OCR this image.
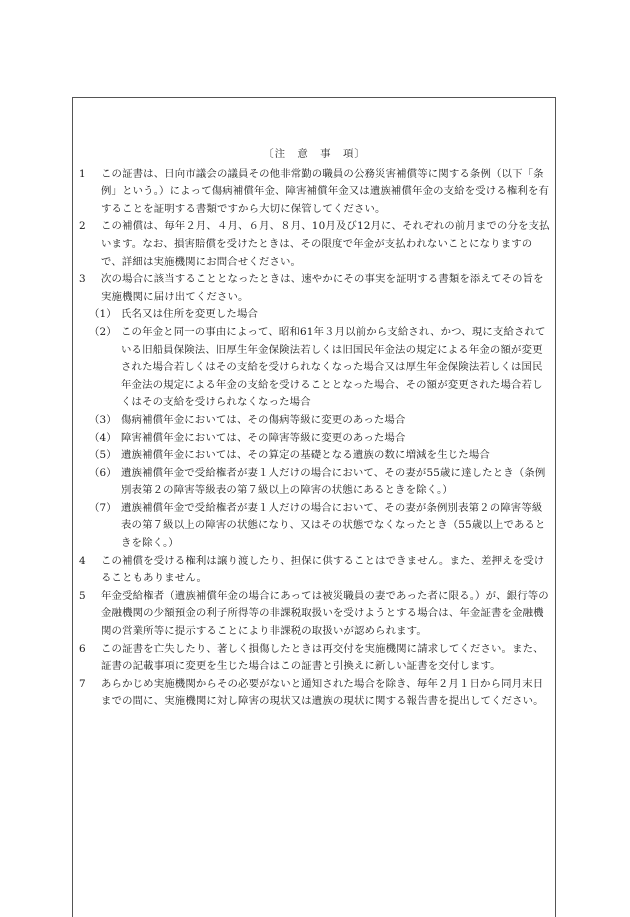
〔注　意　事　項〕
1	この証書は、日向市議会の議員その他非常勤の職員の公務災害補償等に関する条例（以下「条例」という。）によって傷病補償年金、障害補償年金又は遺族補償年金の支給を受ける権利を有することを証明する書類ですから大切に保管してください。
2	この補償は、毎年２月、４月、６月、８月、10月及び12月に、それぞれの前月までの分を支払います。なお、損害賠償を受けたときは、その限度で年金が支払われないことになりますので、詳細は実施機関にお問合せください。
3	次の場合に該当することとなったときは、速やかにその事実を証明する書類を添えてその旨を実施機関に届け出てください。
（1） 氏名又は住所を変更した場合
（2） この年金と同一の事由によって、昭和61年３月以前から支給され、かつ、現に支給されている旧船員保険法、旧厚生年金保険法若しくは旧国民年金法の規定による年金の額が変更された場合若しくはその支給を受けられなくなった場合又は厚生年金保険法若しくは国民年金法の規定による年金の支給を受けることとなった場合、その額が変更された場合若しくはその支給を受けられなくなった場合
（3） 傷病補償年金においては、その傷病等級に変更のあった場合
（4） 障害補償年金においては、その障害等級に変更のあった場合
（5） 遺族補償年金においては、その算定の基礎となる遺族の数に増減を生じた場合
（6） 遺族補償年金で受給権者が妻１人だけの場合において、その妻が55歳に達したとき（条例別表第２の障害等級表の第７級以上の障害の状態にあるときを除く。）
（7） 遺族補償年金で受給権者が妻１人だけの場合において、その妻が条例別表第２の障害等級表の第７級以上の障害の状態になり、又はその状態でなくなったとき（55歳以上であるときを除く。）
4	この補償を受ける権利は譲り渡したり、担保に供することはできません。また、差押えを受けることもありません。
5	年金受給権者（遺族補償年金の場合にあっては被災職員の妻であった者に限る。）が、銀行等の金融機関の少額預金の利子所得等の非課税取扱いを受けようとする場合は、年金証書を金融機関の営業所等に提示することにより非課税の取扱いが認められます。
6	この証書を亡失したり、著しく損傷したときは再交付を実施機関に請求してください。また、証書の記載事項に変更を生じた場合はこの証書と引換えに新しい証書を交付します。
7	あらかじめ実施機関からその必要がないと通知された場合を除き、毎年２月１日から同月末日までの間に、実施機関に対し障害の現状又は遺族の現状に関する報告書を提出してください。
